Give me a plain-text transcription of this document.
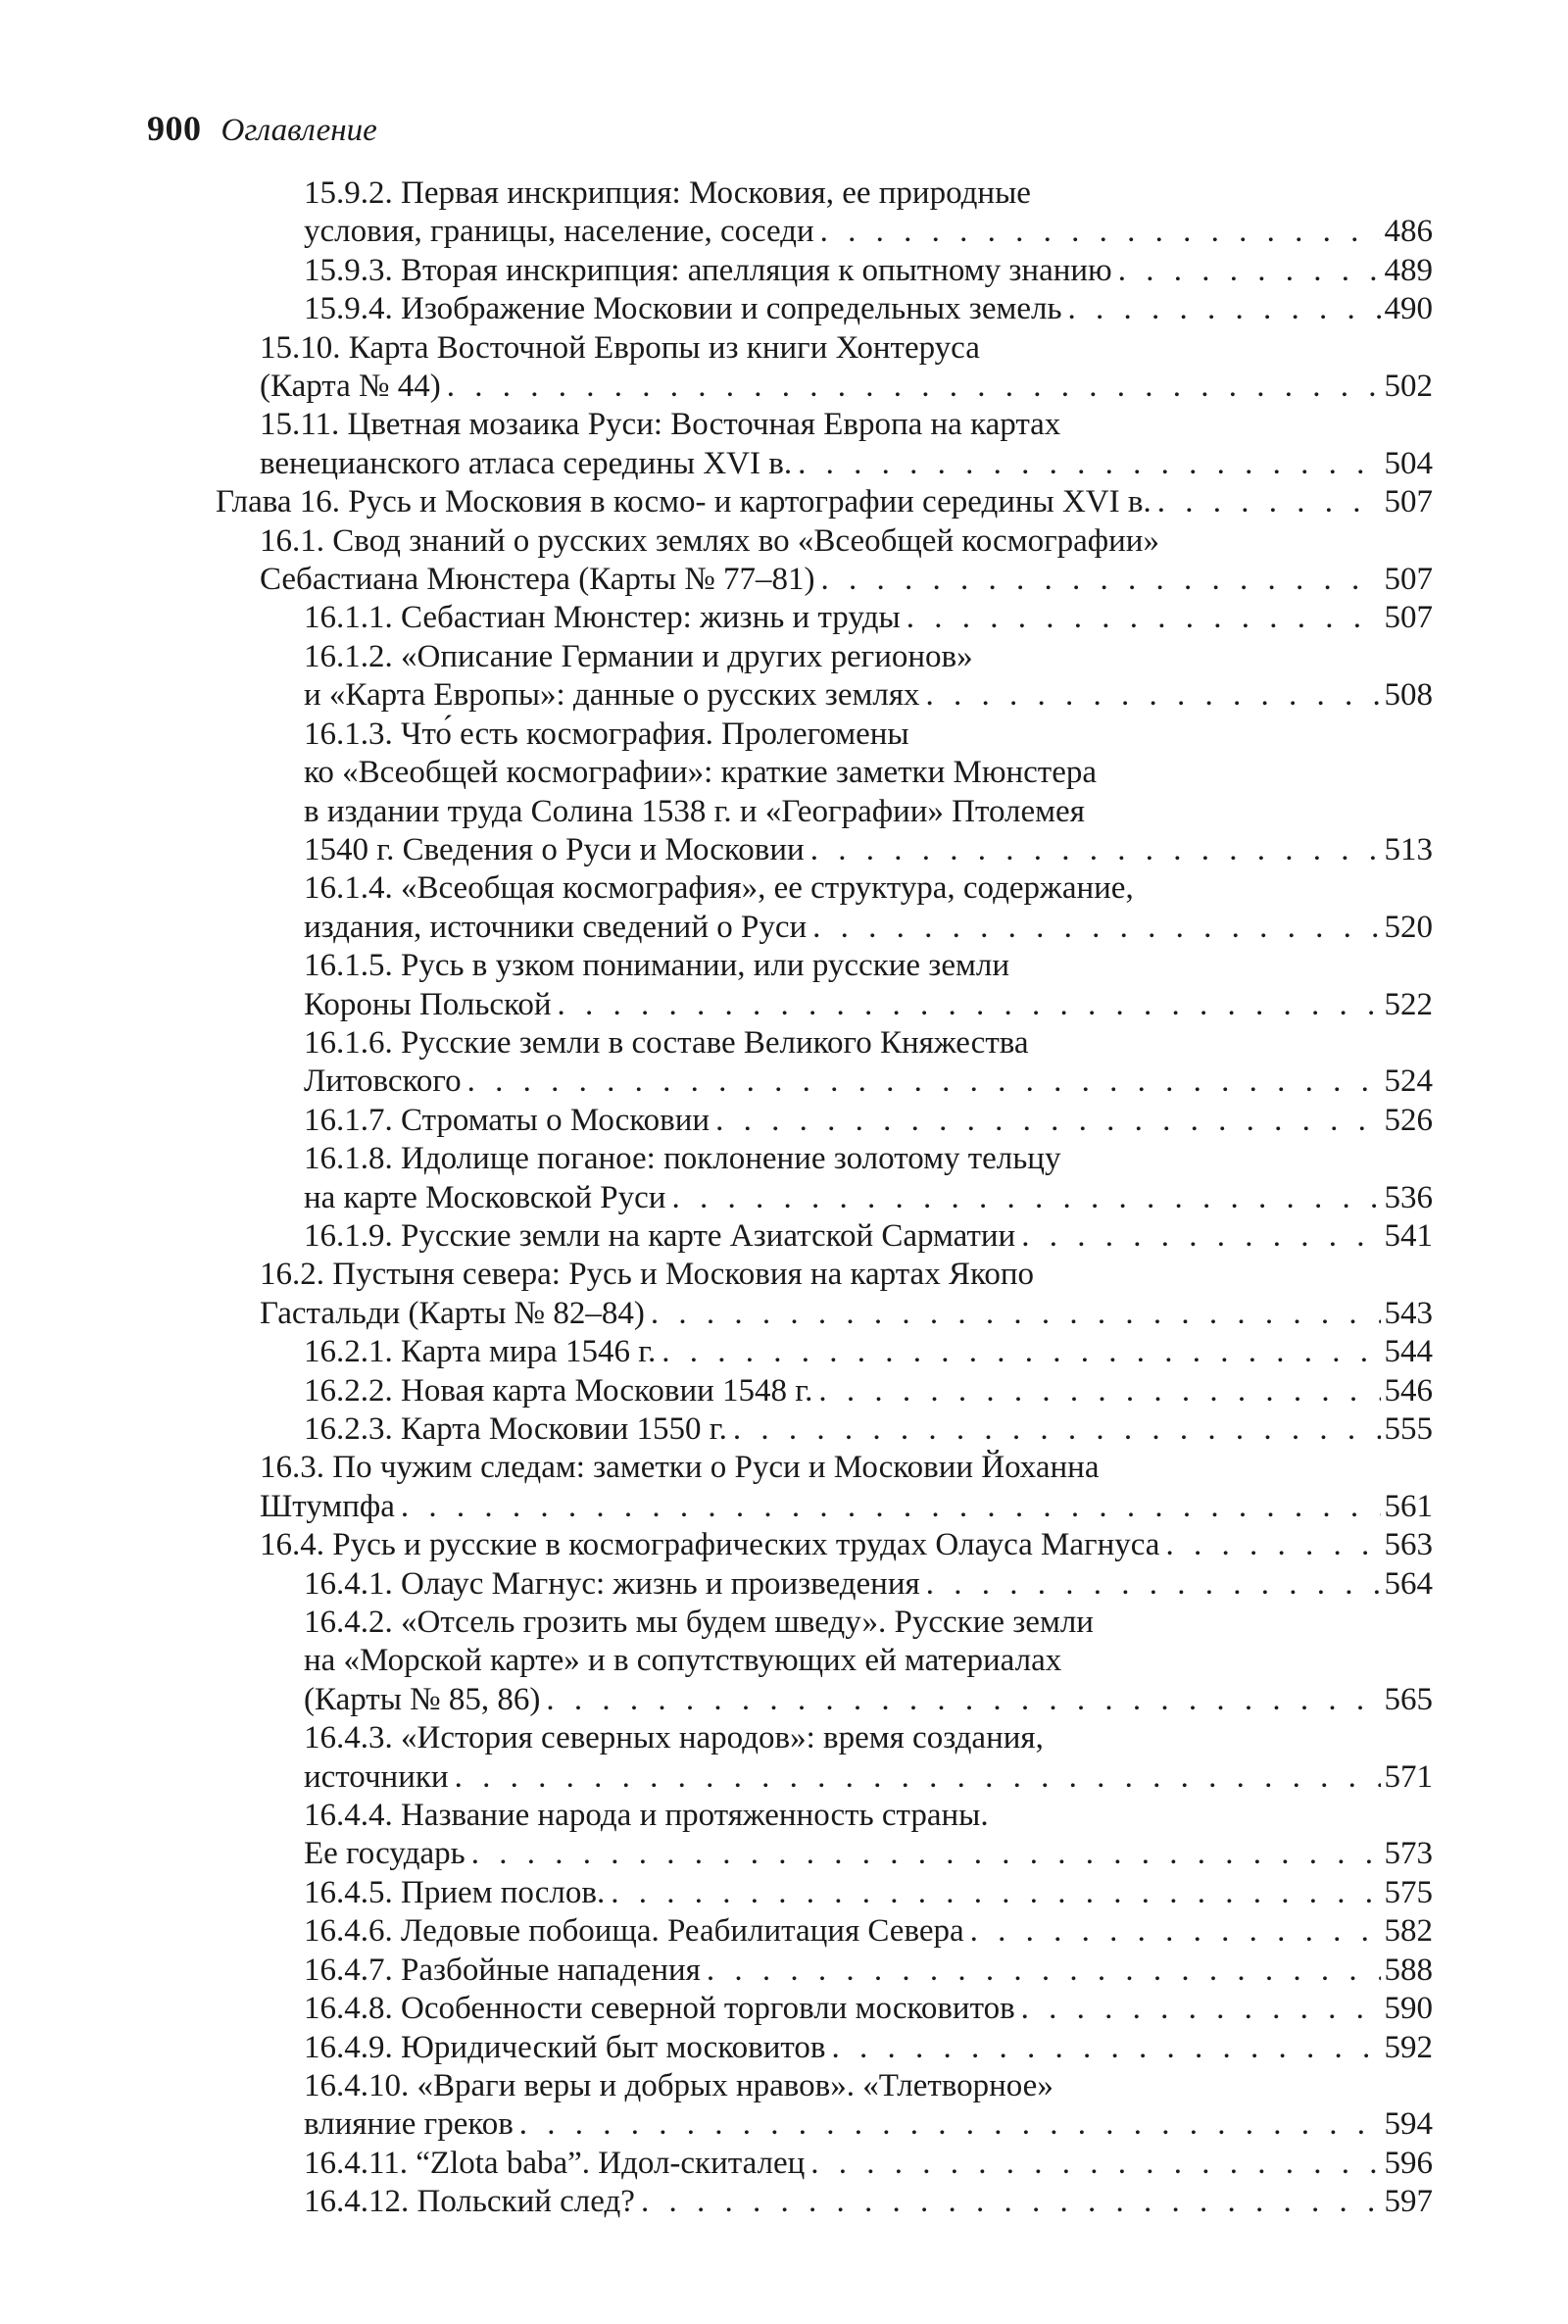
900 Оглавление
15.9.2. Первая инскрипция: Московия, ее природные
условия, границы, население, соседи . . .	486
15.9.3. Вторая инскрипция: апелляция к опытному знанию . . .	489
15.9.4. Изображение Московии и сопредельных земель . . .	490
15.10. Карта Восточной Европы из книги Хонтеруса
(Карта № 44) . . .	502
15.11. Цветная мозаика Руси: Восточная Европа на картах
венецианского атласа середины XVI в. . . .	504
Глава 16. Русь и Московия в космо- и картографии середины XVI в. . . .	507
16.1. Свод знаний о русских землях во «Всеобщей космографии»
Себастиана Мюнстера (Карты № 77–81) . . .	507
16.1.1. Себастиан Мюнстер: жизнь и труды . . .	507
16.1.2. «Описание Германии и других регионов»
и «Карта Европы»: данные о русских землях . . .	508
16.1.3. Что́ есть космография. Пролегомены
ко «Всеобщей космографии»: краткие заметки Мюнстера
в издании труда Солина 1538 г. и «Географии» Птолемея
1540 г. Сведения о Руси и Московии . . .	513
16.1.4. «Всеобщая космография», ее структура, содержание,
издания, источники сведений о Руси . . .	520
16.1.5. Русь в узком понимании, или русские земли
Короны Польской . . .	522
16.1.6. Русские земли в составе Великого Княжества
Литовского . . .	524
16.1.7. Строматы о Московии . . .	526
16.1.8. Идолище поганое: поклонение золотому тельцу
на карте Московской Руси . . .	536
16.1.9. Русские земли на карте Азиатской Сарматии . . .	541
16.2. Пустыня севера: Русь и Московия на картах Якопо
Гастальди (Карты № 82–84) . . .	543
16.2.1. Карта мира 1546 г. . . .	544
16.2.2. Новая карта Московии 1548 г. . . .	546
16.2.3. Карта Московии 1550 г. . . .	555
16.3. По чужим следам: заметки о Руси и Московии Йоханна
Штумпфа . . .	561
16.4. Русь и русские в космографических трудах Олауса Магнуса . . .	563
16.4.1. Олаус Магнус: жизнь и произведения . . .	564
16.4.2. «Отсель грозить мы будем шведу». Русские земли
на «Морской карте» и в сопутствующих ей материалах
(Карты № 85, 86) . . .	565
16.4.3. «История северных народов»: время создания,
источники . . .	571
16.4.4. Название народа и протяженность страны.
Ее государь . . .	573
16.4.5. Прием послов. . . .	575
16.4.6. Ледовые побоища. Реабилитация Севера . . .	582
16.4.7. Разбойные нападения . . .	588
16.4.8. Особенности северной торговли московитов . . .	590
16.4.9. Юридический быт московитов . . .	592
16.4.10. «Враги веры и добрых нравов». «Тлетворное»
влияние греков . . .	594
16.4.11. “Zlota baba”. Идол-скиталец . . .	596
16.4.12. Польский след? . . .	597
